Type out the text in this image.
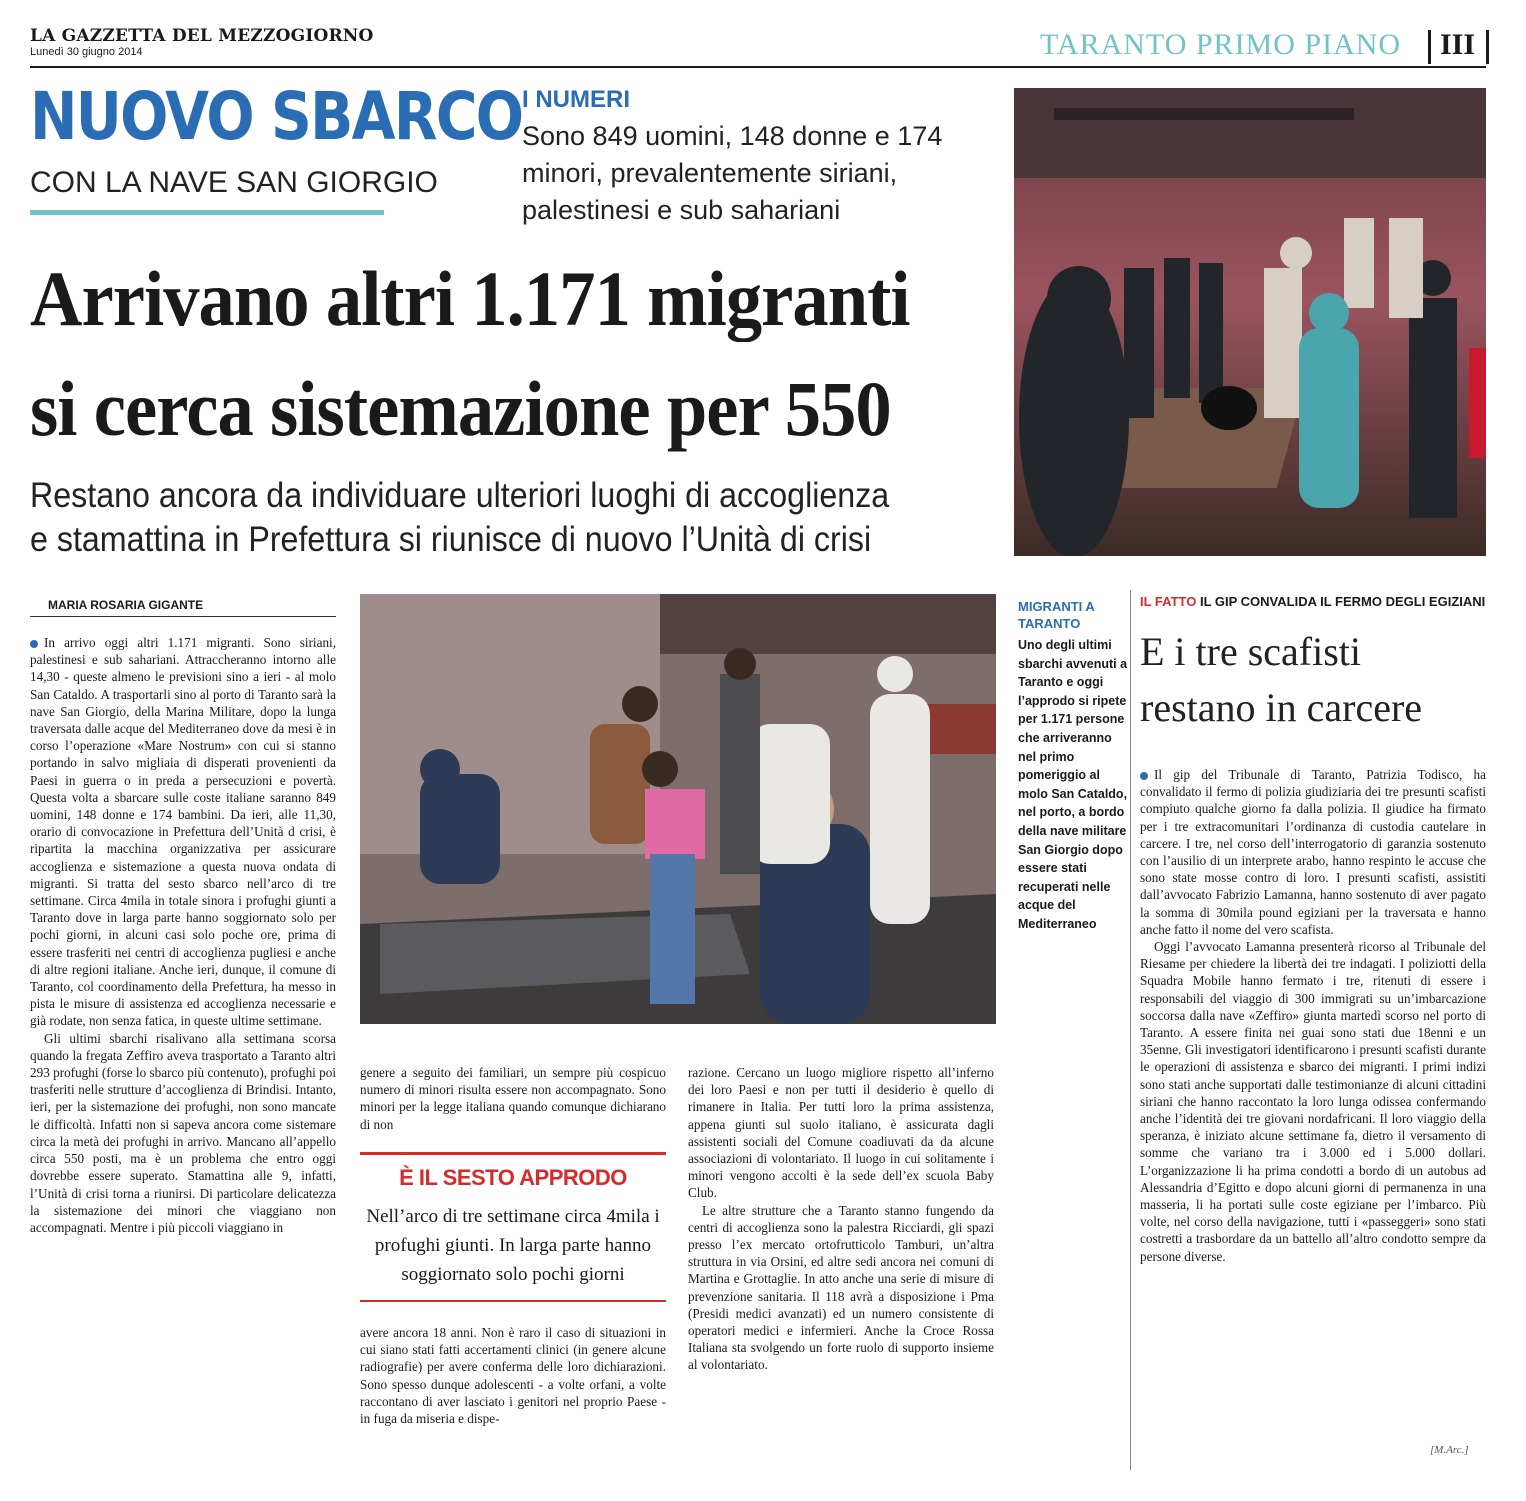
LA GAZZETTA DEL MEZZOGIORNO
Lunedì 30 giugno 2014	TARANTO PRIMO PIANO III
NUOVO SBARCO
CON LA NAVE SAN GIORGIO
I NUMERI
Sono 849 uomini, 148 donne e 174 minori, prevalentemente siriani, palestinesi e sub sahariani
Arrivano altri 1.171 migranti
si cerca sistemazione per 550
Restano ancora da individuare ulteriori luoghi di accoglienza
e stamattina in Prefettura si riunisce di nuovo l’Unità di crisi
MARIA ROSARIA GIGANTE

In arrivo oggi altri 1.171 migranti. Sono siriani, palestinesi e sub sahariani. Attraccheranno intorno alle 14,30 - queste almeno le previsioni sino a ieri - al molo San Cataldo. A trasportarli sino al porto di Taranto sarà la nave San Giorgio, della Marina Militare, dopo la lunga traversata dalle acque del Mediterraneo dove da mesi è in corso l’operazione «Mare Nostrum» con cui si stanno portando in salvo migliaia di disperati provenienti da Paesi in guerra o in preda a persecuzioni e povertà. Questa volta a sbarcare sulle coste italiane saranno 849 uomini, 148 donne e 174 bambini. Da ieri, alle 11,30, orario di convocazione in Prefettura dell’Unità d crisi, è ripartita la macchina organizzativa per assicurare accoglienza e sistemazione a questa nuova ondata di migranti. Si tratta del sesto sbarco nell’arco di tre settimane. Circa 4mila in totale sinora i profughi giunti a Taranto dove in larga parte hanno soggiornato solo per pochi giorni, in alcuni casi solo poche ore, prima di essere trasferiti nei centri di accoglienza pugliesi e anche di altre regioni italiane. Anche ieri, dunque, il comune di Taranto, col coordinamento della Prefettura, ha messo in pista le misure di assistenza ed accoglienza necessarie e già rodate, non senza fatica, in queste ultime settimane.

Gli ultimi sbarchi risalivano alla settimana scorsa quando la fregata Zeffiro aveva trasportato a Taranto altri 293 profughi (forse lo sbarco più contenuto), profughi poi trasferiti nelle strutture d’accoglienza di Brindisi. Intanto, ieri, per la sistemazione dei profughi, non sono mancate le difficoltà. Infatti non si sapeva ancora come sistemare circa la metà dei profughi in arrivo. Mancano all’appello circa 550 posti, ma è un problema che entro oggi dovrebbe essere superato. Stamattina alle 9, infatti, l’Unità di crisi torna a riunirsi. Di particolare delicatezza la sistemazione dei minori che viaggiano non accompagnati. Mentre i più piccoli viaggiano in

genere a seguito dei familiari, un sempre più cospicuo numero di minori risulta essere non accompagnato. Sono minori per la legge italiana quando comunque dichiarano di non
È IL SESTO APPRODO
Nell’arco di tre settimane circa 4mila i profughi giunti. In larga parte hanno soggiornato solo pochi giorni
avere ancora 18 anni. Non è raro il caso di situazioni in cui siano stati fatti accertamenti clinici (in genere alcune radiografie) per avere conferma delle loro dichiarazioni. Sono spesso dunque adolescenti - a volte orfani, a volte raccontano di aver lasciato i genitori nel proprio Paese - in fuga da miseria e dispe-

razione. Cercano un luogo migliore rispetto all’inferno dei loro Paesi e non per tutti il desiderio è quello di rimanere in Italia. Per tutti loro la prima assistenza, appena giunti sul suolo italiano, è assicurata dagli assistenti sociali del Comune coadiuvati da da alcune associazioni di volontariato. Il luogo in cui solitamente i minori vengono accolti è la sede dell’ex scuola Baby Club.

Le altre strutture che a Taranto stanno fungendo da centri di accoglienza sono la palestra Ricciardi, gli spazi presso l’ex mercato ortofrutticolo Tamburi, un’altra struttura in via Orsini, ed altre sedi ancora nei comuni di Martina e Grottaglie. In atto anche una serie di misure di prevenzione sanitaria. Il 118 avrà a disposizione i Pma (Presidi medici avanzati) ed un numero consistente di operatori medici e infermieri. Anche la Croce Rossa Italiana sta svolgendo un forte ruolo di supporto insieme al volontariato.

MIGRANTI A TARANTO
Uno degli ultimi sbarchi avvenuti a Taranto e oggi l’approdo si ripete per 1.171 persone che arriveranno nel primo pomeriggio al molo San Cataldo, nel porto, a bordo della nave militare San Giorgio dopo essere stati recuperati nelle acque del Mediterraneo
IL FATTO IL GIP CONVALIDA IL FERMO DEGLI EGIZIANI
E i tre scafisti
restano in carcere

Il gip del Tribunale di Taranto, Patrizia Todisco, ha convalidato il fermo di polizia giudiziaria dei tre presunti scafisti compiuto qualche giorno fa dalla polizia. Il giudice ha firmato per i tre extracomunitari l’ordinanza di custodia cautelare in carcere. I tre, nel corso dell’interrogatorio di garanzia sostenuto con l’ausilio di un interprete arabo, hanno respinto le accuse che sono state mosse contro di loro. I presunti scafisti, assistiti dall’avvocato Fabrizio Lamanna, hanno sostenuto di aver pagato la somma di 30mila pound egiziani per la traversata e hanno anche fatto il nome del vero scafista.

Oggi l’avvocato Lamanna presenterà ricorso al Tribunale del Riesame per chiedere la libertà dei tre indagati. I poliziotti della Squadra Mobile hanno fermato i tre, ritenuti di essere i responsabili del viaggio di 300 immigrati su un’imbarcazione soccorsa dalla nave «Zeffiro» giunta martedì scorso nel porto di Taranto. A essere finita nei guai sono stati due 18enni e un 35enne. Gli investigatori identificarono i presunti scafisti durante le operazioni di assistenza e sbarco dei migranti. I primi indizi sono stati anche supportati dalle testimonianze di alcuni cittadini siriani che hanno raccontato la loro lunga odissea confermando anche l’identità dei tre giovani nordafricani. Il loro viaggio della speranza, è iniziato alcune settimane fa, dietro il versamento di somme che variano tra i 3.000 ed i 5.000 dollari. L’organizzazione li ha prima condotti a bordo di un autobus ad Alessandria d’Egitto e dopo alcuni giorni di permanenza in una masseria, li ha portati sulle coste egiziane per l’imbarco. Più volte, nel corso della navigazione, tutti i «passeggeri» sono stati costretti a trasbordare da un battello all’altro condotto sempre da persone diverse.

[M.Arc.]
